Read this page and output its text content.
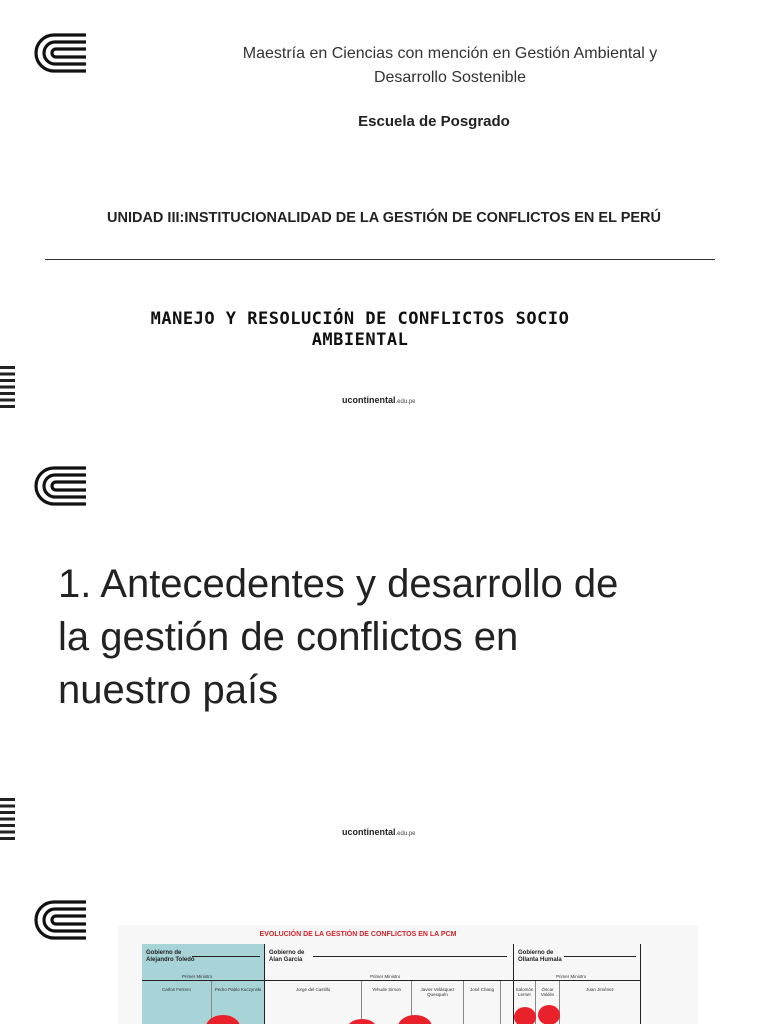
Maestría en Ciencias con mención en Gestión Ambiental y
Desarrollo Sostenible
Escuela de Posgrado
UNIDAD III:INSTITUCIONALIDAD DE LA GESTIÓN DE CONFLICTOS EN EL PERÚ
MANEJO Y RESOLUCIÓN DE CONFLICTOS SOCIO
AMBIENTAL
ucontinental.edu.pe
1. Antecedentes y desarrollo de
la gestión de conflictos en
nuestro país
ucontinental.edu.pe
EVOLUCIÓN DE LA GESTIÓN DE CONFLICTOS EN LA PCM
Gobierno de
Alejandro Toledo
Primer Ministro
Carlos Ferrero	Pedro Pablo Kuczynski
Gobierno de
Alan García
Primer Ministro
Jorge del Castillo	Yehude Simon	Javier Velásquez Quesquén
José Chang
Gobierno de
Ollanta Humala
Primer Ministro
Salomón Lerner
Óscar Valdés
Juan Jiménez
